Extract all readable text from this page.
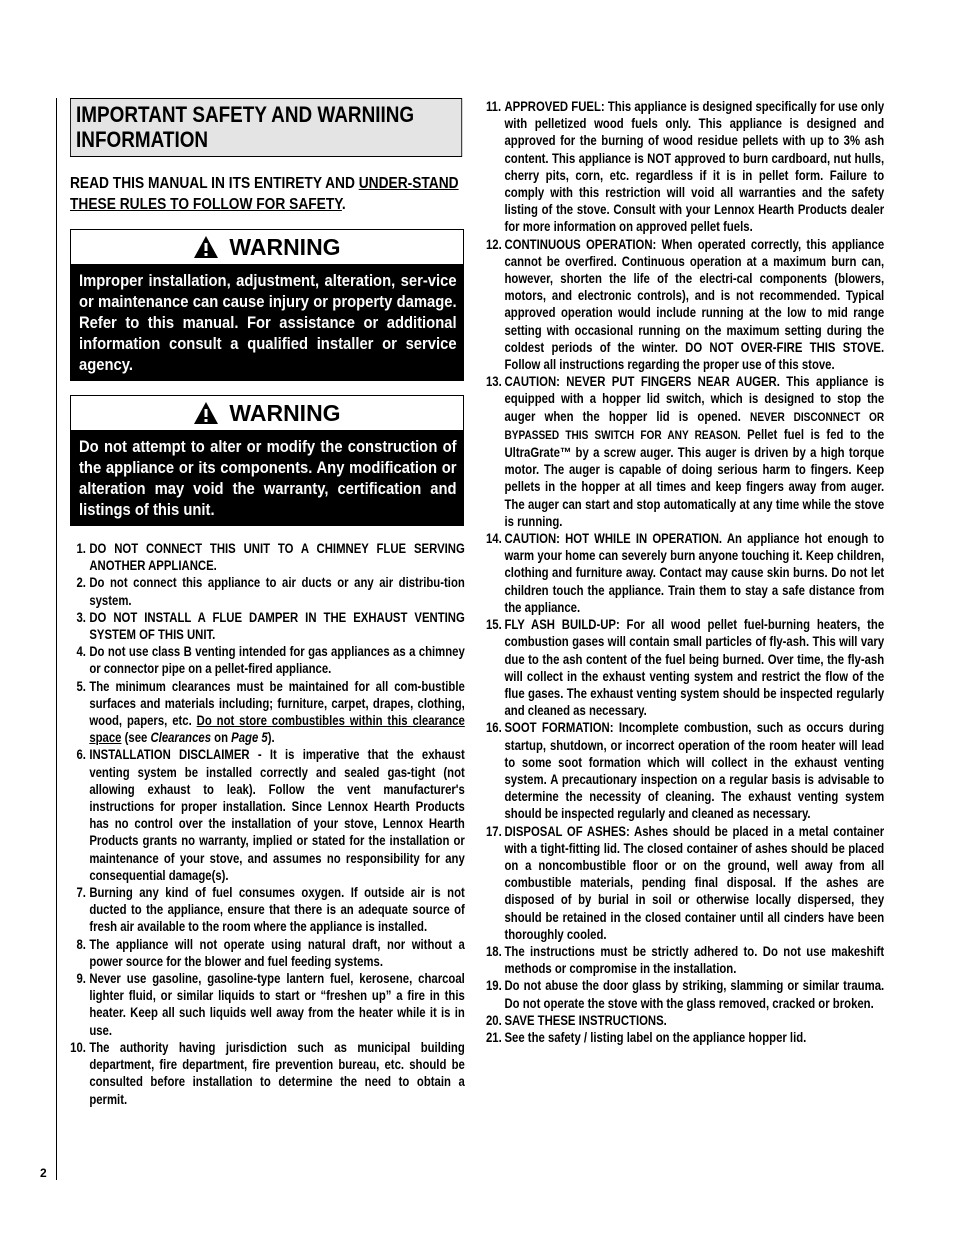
2
IMPORTANT SAFETY AND WARNIING INFORMATION
READ THIS MANUAL IN ITS ENTIRETY AND UNDER-STAND THESE RULES TO FOLLOW FOR SAFETY.
WARNING
Improper installation, adjustment, alteration, ser-vice or maintenance can cause injury or property damage. Refer to this manual. For assistance or additional information consult a qualified installer or service agency.
WARNING
Do not attempt to alter or modify the construction of the appliance or its components. Any modification or alteration may void the warranty, certification and listings of this unit.
1. DO NOT CONNECT THIS UNIT TO A CHIMNEY FLUE SERVING ANOTHER APPLIANCE.
2. Do not connect this appliance to air ducts or any air distribu-tion system.
3. DO NOT INSTALL A FLUE DAMPER IN THE EXHAUST VENTING SYSTEM OF THIS UNIT.
4. Do not use class B venting intended for gas appliances as a chimney or connector pipe on a pellet-fired appliance.
5. The minimum clearances must be maintained for all com-bustible surfaces and materials including; furniture, carpet, drapes, clothing, wood, papers, etc. Do not store combustibles within this clearance space (see Clearances on Page 5).
6. INSTALLATION DISCLAIMER - It is imperative that the exhaust venting system be installed correctly and sealed gas-tight (not allowing exhaust to leak). Follow the vent manufacturer's instructions for proper installation. Since Lennox Hearth Products has no control over the installation of your stove, Lennox Hearth Products grants no warranty, implied or stated for the installation or maintenance of your stove, and assumes no responsibility for any consequential damage(s).
7. Burning any kind of fuel consumes oxygen. If outside air is not ducted to the appliance, ensure that there is an adequate source of fresh air available to the room where the appliance is installed.
8. The appliance will not operate using natural draft, nor without a power source for the blower and fuel feeding systems.
9. Never use gasoline, gasoline-type lantern fuel, kerosene, charcoal lighter fluid, or similar liquids to start or “freshen up” a fire in this heater. Keep all such liquids well away from the heater while it is in use.
10. The authority having jurisdiction such as municipal building department, fire department, fire prevention bureau, etc. should be consulted before installation to determine the need to obtain a permit.
11. APPROVED FUEL: This appliance is designed specifically for use only with pelletized wood fuels only. This appliance is designed and approved for the burning of wood residue pellets with up to 3% ash content. This appliance is NOT approved to burn cardboard, nut hulls, cherry pits, corn, etc. regardless if it is in pellet form. Failure to comply with this restriction will void all warranties and the safety listing of the stove. Consult with your Lennox Hearth Products dealer for more information on approved pellet fuels.
12. CONTINUOUS OPERATION: When operated correctly, this appliance cannot be overfired. Continuous operation at a maximum burn can, however, shorten the life of the electri-cal components (blowers, motors, and electronic controls), and is not recommended. Typical approved operation would include running at the low to mid range setting with occasional running on the maximum setting during the coldest periods of the winter. DO NOT OVER-FIRE THIS STOVE. Follow all instructions regarding the proper use of this stove.
13. CAUTION: NEVER PUT FINGERS NEAR AUGER. This appliance is equipped with a hopper lid switch, which is designed to stop the auger when the hopper lid is opened. NEVER DISCONNECT OR BYPASSED THIS SWITCH FOR ANY REASON. Pellet fuel is fed to the UltraGrate™ by a screw auger. This auger is driven by a high torque motor. The auger is capable of doing serious harm to fingers. Keep pellets in the hopper at all times and keep fingers away from auger. The auger can start and stop automatically at any time while the stove is running.
14. CAUTION: HOT WHILE IN OPERATION. An appliance hot enough to warm your home can severely burn anyone touching it. Keep children, clothing and furniture away. Contact may cause skin burns. Do not let children touch the appliance. Train them to stay a safe distance from the appliance.
15. FLY ASH BUILD-UP: For all wood pellet fuel-burning heaters, the combustion gases will contain small particles of fly-ash. This will vary due to the ash content of the fuel being burned. Over time, the fly-ash will collect in the exhaust venting system and restrict the flow of the flue gases. The exhaust venting system should be inspected regularly and cleaned as necessary.
16. SOOT FORMATION: Incomplete combustion, such as occurs during startup, shutdown, or incorrect operation of the room heater will lead to some soot formation which will collect in the exhaust venting system. A precautionary inspection on a regular basis is advisable to determine the necessity of cleaning. The exhaust venting system should be inspected regularly and cleaned as necessary.
17. DISPOSAL OF ASHES: Ashes should be placed in a metal container with a tight-fitting lid. The closed container of ashes should be placed on a noncombustible floor or on the ground, well away from all combustible materials, pending final disposal. If the ashes are disposed of by burial in soil or otherwise locally dispersed, they should be retained in the closed container until all cinders have been thoroughly cooled.
18. The instructions must be strictly adhered to. Do not use makeshift methods or compromise in the installation.
19. Do not abuse the door glass by striking, slamming or similar trauma. Do not operate the stove with the glass removed, cracked or broken.
20. SAVE THESE INSTRUCTIONS.
21. See the safety / listing label on the appliance hopper lid.
